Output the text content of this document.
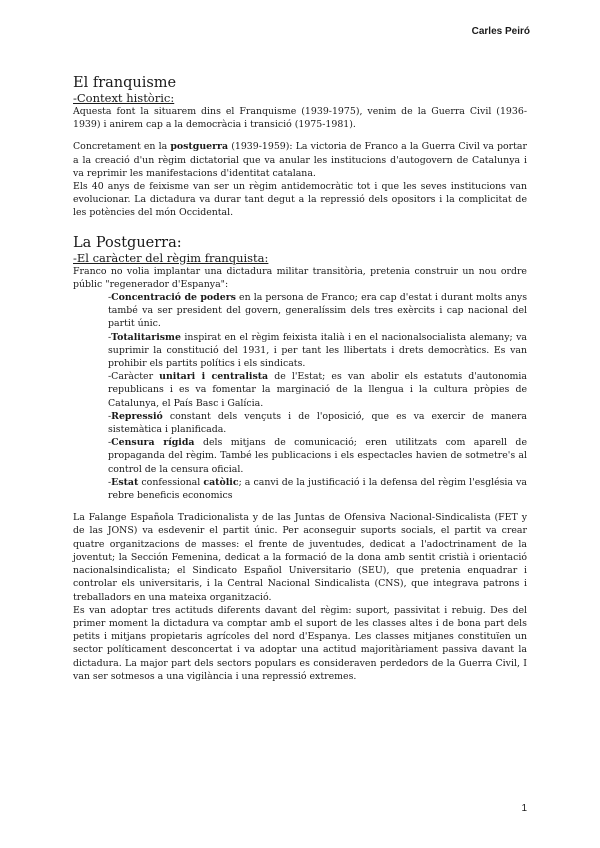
Carles Peiró
El franquisme
-Context històric:

Aquesta font la situarem dins el Franquisme (1939-1975), venim de la Guerra Civil (1936-1939) i anirem cap a la democràcia i transició (1975-1981).

Concretament en la postguerra (1939-1959): La victoria de Franco a la Guerra Civil va portar a la creació d'un règim dictatorial que va anular les institucions d'autogovern de Catalunya i va reprimir les manifestacions d'identitat catalana.

Els 40 anys de feixisme van ser un règim antidemocràtic tot i que les seves institucions van evolucionar. La dictadura va durar tant degut a la repressió dels opositors i la complicitat de les potències del món Occidental.

La Postguerra:
-El caràcter del règim franquista:

Franco no volia implantar una dictadura militar transitòria, pretenia construir un nou ordre públic "regenerador d'Espanya":

-Concentració de poders en la persona de Franco; era cap d'estat i durant molts anys també va ser president del govern, generalíssim dels tres exèrcits i cap nacional del partit únic.
-Totalitarisme inspirat en el règim feixista italià i en el nacionalsocialista alemany; va suprimir la constitució del 1931, i per tant les llibertats i drets democràtics. Es van prohibir els partits polítics i els sindicats.
-Caràcter unitari i centralista de l'Estat; es van abolir els estatuts d'autonomia republicans i es va fomentar la marginació de la llengua i la cultura pròpies de Catalunya, el País Basc i Galícia.
-Repressió constant dels vençuts i de l'oposició, que es va exercir de manera sistemàtica i planificada.
-Censura rígida dels mitjans de comunicació; eren utilitzats com aparell de propaganda del règim. També les publicacions i els espectacles havien de sotmetre's al control de la censura oficial.
-Estat confessional catòlic; a canvi de la justificació i la defensa del règim l'església va rebre beneficis economics

La Falange Española Tradicionalista y de las Juntas de Ofensiva Nacional-Sindicalista (FET y de las JONS) va esdevenir el partit únic. Per aconseguir suports socials, el partit va crear quatre organitzacions de masses: el frente de juventudes, dedicat a l'adoctrinament de la joventut; la Sección Femenina, dedicat a la formació de la dona amb sentit cristià i orientació nacionalsindicalista; el Sindicato Español Universitario (SEU), que pretenia enquadrar i controlar els universitaris, i la Central Nacional Sindicalista (CNS), que integrava patrons i treballadors en una mateixa organització.

Es van adoptar tres actituds diferents davant del règim: suport, passivitat i rebuig. Des del primer moment la dictadura va comptar amb el suport de les classes altes i de bona part dels petits i mitjans propietaris agrícoles del nord d'Espanya. Les classes mitjanes constituïen un sector políticament desconcertat i va adoptar una actitud majoritàriament passiva davant la dictadura. La major part dels sectors populars es consideraven perdedors de la Guerra Civil, I van ser sotmesos a una vigilància i una repressió extremes.

1
